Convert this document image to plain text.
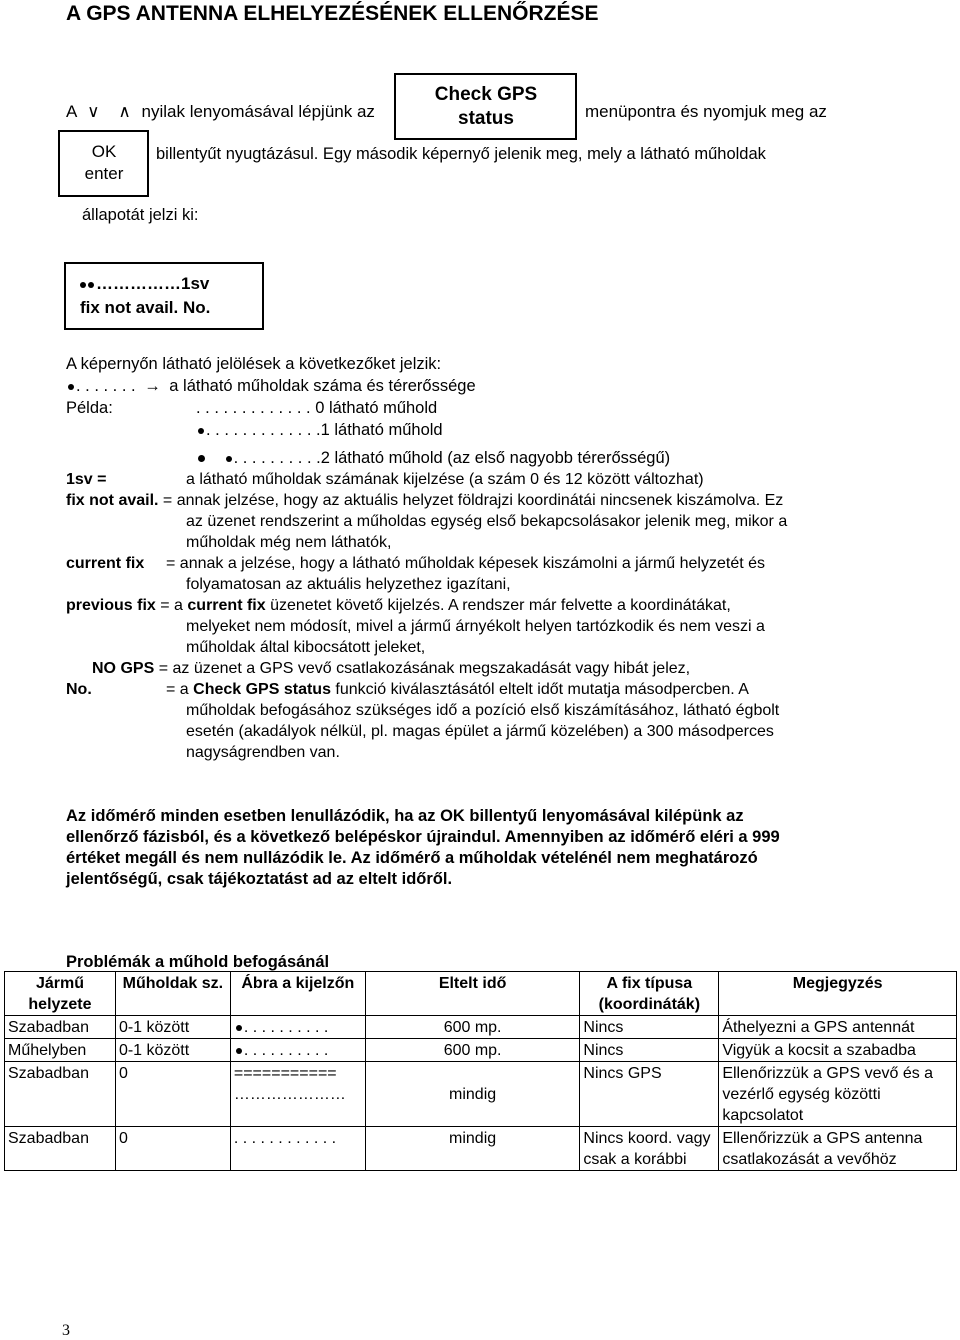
A GPS ANTENNA ELHELYEZÉSÉNEK ELLENŐRZÉSE
A ∨ ∧ nyilak lenyomásával lépjünk az
Check GPS status	menüpontra és nyomjuk meg az
OK enter
billentyűt nyugtázásul. Egy második képernyő jelenik meg, mely a látható műholdak
állapotát jelzi ki:
……………1sv
fix not avail. No.
A képernyőn látható jelölések a következőket jelzik:
. . . . . . . → a látható műholdak száma és térerőssége
Példa:	. . . . . . . . . . . . . 0 látható műhold
. . . . . . . . . . . . .1 látható műhold
. . . . . . . . . .2 látható műhold (az első nagyobb térerősségű)
1sv =	a látható műholdak számának kijelzése (a szám 0 és 12 között változhat)
fix not avail. = annak jelzése, hogy az aktuális helyzet földrajzi koordinátái nincsenek kiszámolva. Ez
az üzenet rendszerint a műholdas egység első bekapcsolásakor jelenik meg, mikor a
műholdak még nem láthatók,
current fix = annak a jelzése, hogy a látható műholdak képesek kiszámolni a jármű helyzetét és
folyamatosan az aktuális helyzethez igazítani,
previous fix = a current fix üzenetet követő kijelzés. A rendszer már felvette a koordinátákat,
melyeket nem módosít, mivel a jármű árnyékolt helyen tartózkodik és nem veszi a
műholdak által kibocsátott jeleket,
NO GPS = az üzenet a GPS vevő csatlakozásának megszakadását vagy hibát jelez,
No.	= a Check GPS status funkció kiválasztásától eltelt időt mutatja másodpercben. A
műholdak befogásához szükséges idő a pozíció első kiszámításához, látható égbolt
esetén (akadályok nélkül, pl. magas épület a jármű közelében) a 300 másodperces
nagyságrendben van.
Az időmérő minden esetben lenullázódik, ha az OK billentyű lenyomásával kilépünk az
ellenőrző fázisból, és a következő belépéskor újraindul. Amennyiben az időmérő eléri a 999
értéket megáll és nem nullázódik le. Az időmérő a műholdak vételénél nem meghatározó
jelentőségű, csak tájékoztatást ad az eltelt időről.
Problémák a műhold befogásánál
Jármű helyzete	Műholdak sz.	Ábra a kijelzőn	Eltelt idő	A fix típusa (koordináták)	Megjegyzés
Szabadban	0-1 között	. . . . . . . . . .	600 mp.	Nincs	Áthelyezni a GPS antennát
Műhelyben	0-1 között	. . . . . . . . . .	600 mp.	Nincs	Vigyük a kocsit a szabadba
Szabadban	0	=========== …………………	mindig	Nincs GPS	Ellenőrizzük a GPS vevő és a vezérlő egység közötti kapcsolatot
Szabadban	0	. . . . . . . . . . . .	mindig	Nincs koord. vagy csak a korábbi	Ellenőrizzük a GPS antenna csatlakozását a vevőhöz
3
